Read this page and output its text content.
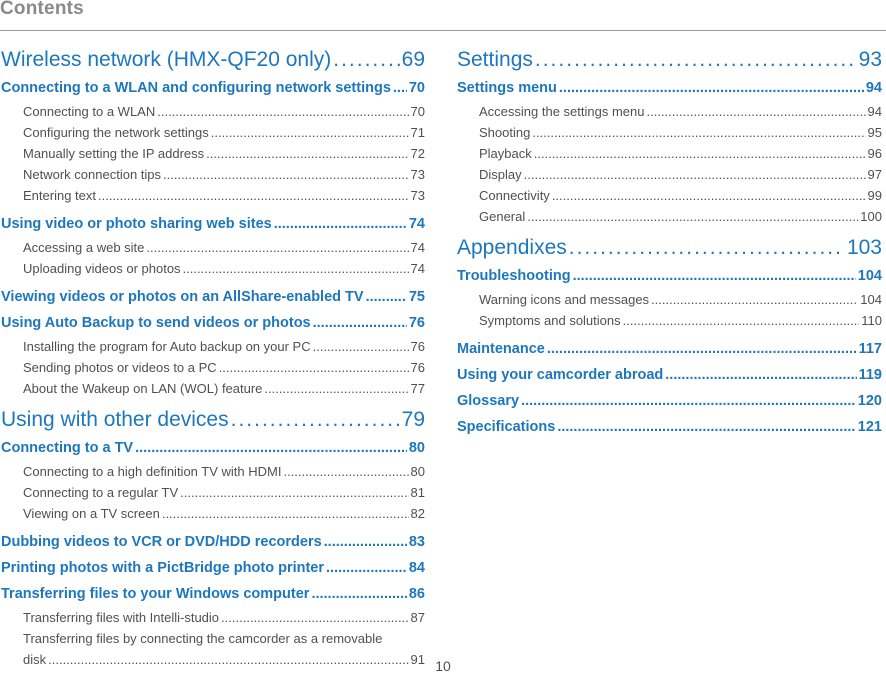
Contents
Wireless network (HMX-QF20 only) .....	69
Connecting to a WLAN and configuring network settings ..... 70
Connecting to a WLAN .....	70
Configuring the network settings .....	71
Manually setting the IP address .....	72
Network connection tips .....	73
Entering text .....	73
Using video or photo sharing web sites .....	74
Accessing a web site .....	74
Uploading videos or photos .....	74
Viewing videos or photos on an AllShare-enabled TV .....	75
Using Auto Backup to send videos or photos .....	76
Installing the program for Auto backup on your PC .....	76
Sending photos or videos to a PC .....	76
About the Wakeup on LAN (WOL) feature .....	77
Using with other devices .....	79
Connecting to a TV .....	80
Connecting to a high definition TV with HDMI .....	80
Connecting to a regular TV .....	81
Viewing on a TV screen .....	82
Dubbing videos to VCR or DVD/HDD recorders .....	83
Printing photos with a PictBridge photo printer .....	84
Transferring files to your Windows computer .....	86
Transferring files with Intelli-studio .....	87
Transferring files by connecting the camcorder as a removable
disk .....	91
Settings .....	93
Settings menu .....	94
Accessing the settings menu .....	94
Shooting .....	95
Playback .....	96
Display .....	97
Connectivity .....	99
General .....	100
Appendixes .....	103
Troubleshooting .....	104
Warning icons and messages .....	104
Symptoms and solutions .....	110
Maintenance .....	117
Using your camcorder abroad .....	119
Glossary .....	120
Specifications .....	121
10
